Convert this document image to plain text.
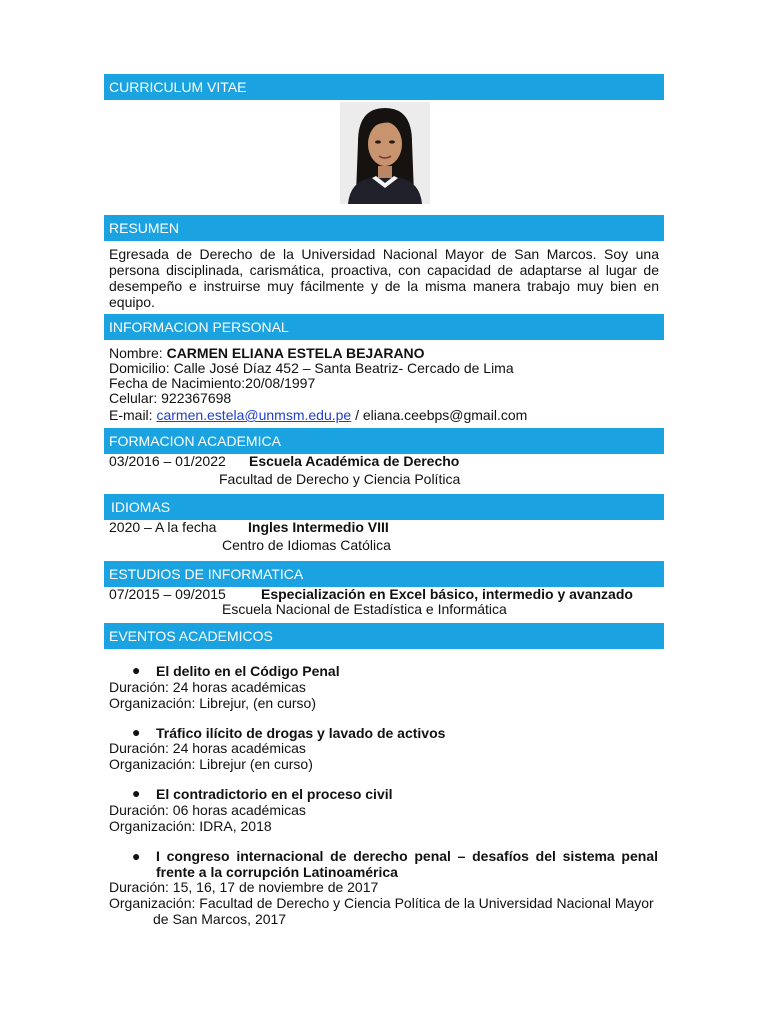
CURRICULUM VITAE
RESUMEN
Egresada de Derecho de la Universidad Nacional Mayor de San Marcos. Soy una persona disciplinada, carismática, proactiva, con capacidad de adaptarse al lugar de desempeño e instruirse muy fácilmente y de la misma manera trabajo muy bien en equipo.
INFORMACION PERSONAL
Nombre: CARMEN ELIANA ESTELA BEJARANO
Domicilio: Calle José Díaz 452 – Santa Beatriz- Cercado de Lima
Fecha de Nacimiento:20/08/1997
Celular: 922367698
E-mail: carmen.estela@unmsm.edu.pe / eliana.ceebps@gmail.com
FORMACION ACADEMICA
03/2016 – 01/2022 Escuela Académica de Derecho
Facultad de Derecho y Ciencia Política
IDIOMAS
2020 – A la fecha Ingles Intermedio VIII
Centro de Idiomas Católica
ESTUDIOS DE INFORMATICA
07/2015 – 09/2015	Especialización en Excel básico, intermedio y avanzado
Escuela Nacional de Estadística e Informática
EVENTOS ACADEMICOS
● El delito en el Código Penal
Duración: 24 horas académicas
Organización: Librejur, (en curso)
● Tráfico ilícito de drogas y lavado de activos
Duración: 24 horas académicas
Organización: Librejur (en curso)
● El contradictorio en el proceso civil
Duración: 06 horas académicas
Organización: IDRA, 2018
● I congreso internacional de derecho penal – desafíos del sistema penal frente a la corrupción Latinoamérica
Duración: 15, 16, 17 de noviembre de 2017
Organización: Facultad de Derecho y Ciencia Política de la Universidad Nacional Mayor
de San Marcos, 2017
